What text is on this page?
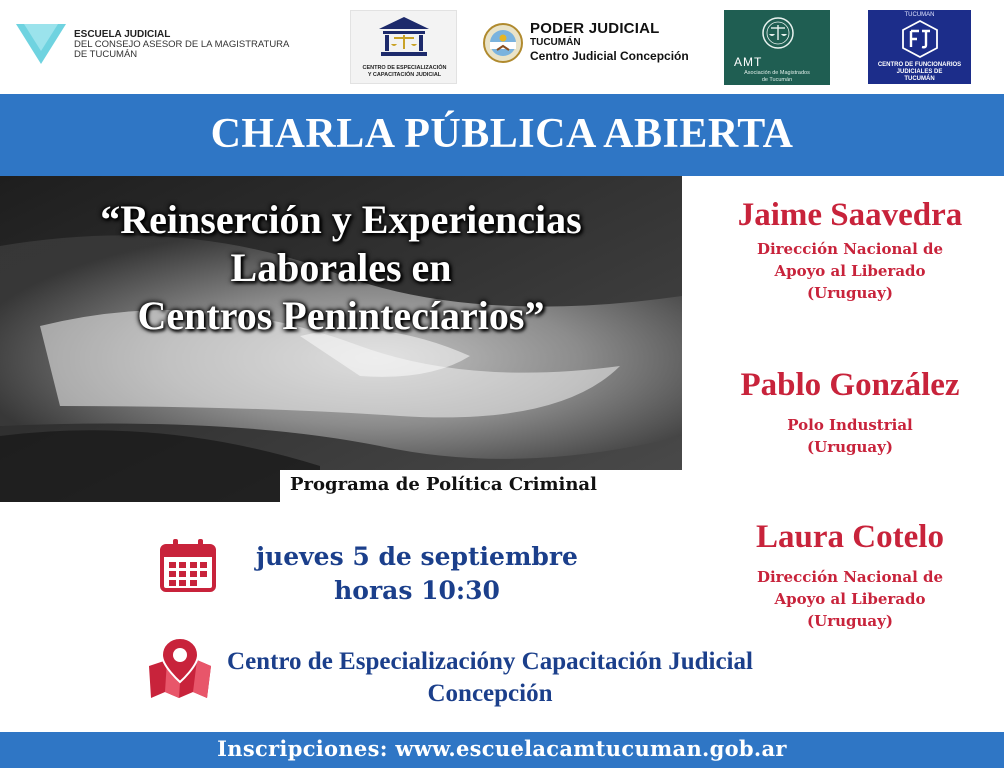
ESCUELA JUDICIAL
DEL CONSEJO ASESOR DE LA MAGISTRATURA
DE TUCUMÁN
CENTRO DE ESPECIALIZACIÓN
Y CAPACITACIÓN JUDICIAL
PODER JUDICIAL
TUCUMÁN
Centro Judicial Concepción	AMT
Asociación de Magistrados
de Tucumán
TUCUMAN
CENTRO DE FUNCIONARIOS
JUDICIALES DE
TUCUMÁN
CHARLA PÚBLICA ABIERTA
“Reinserción y Experiencias
Laborales en
Centros Penintecíarios”
Programa de Política Criminal
Jaime Saavedra
Dirección Nacional de
Apoyo al Liberado
(Uruguay)
Pablo González
Polo Industrial
(Uruguay)
Laura Cotelo
Dirección Nacional de
Apoyo al Liberado
(Uruguay)
jueves 5 de septiembre
horas 10:30
Centro de Especializacióny Capacitación Judicial
Concepción
Inscripciones: www.escuelacamtucuman.gob.ar
